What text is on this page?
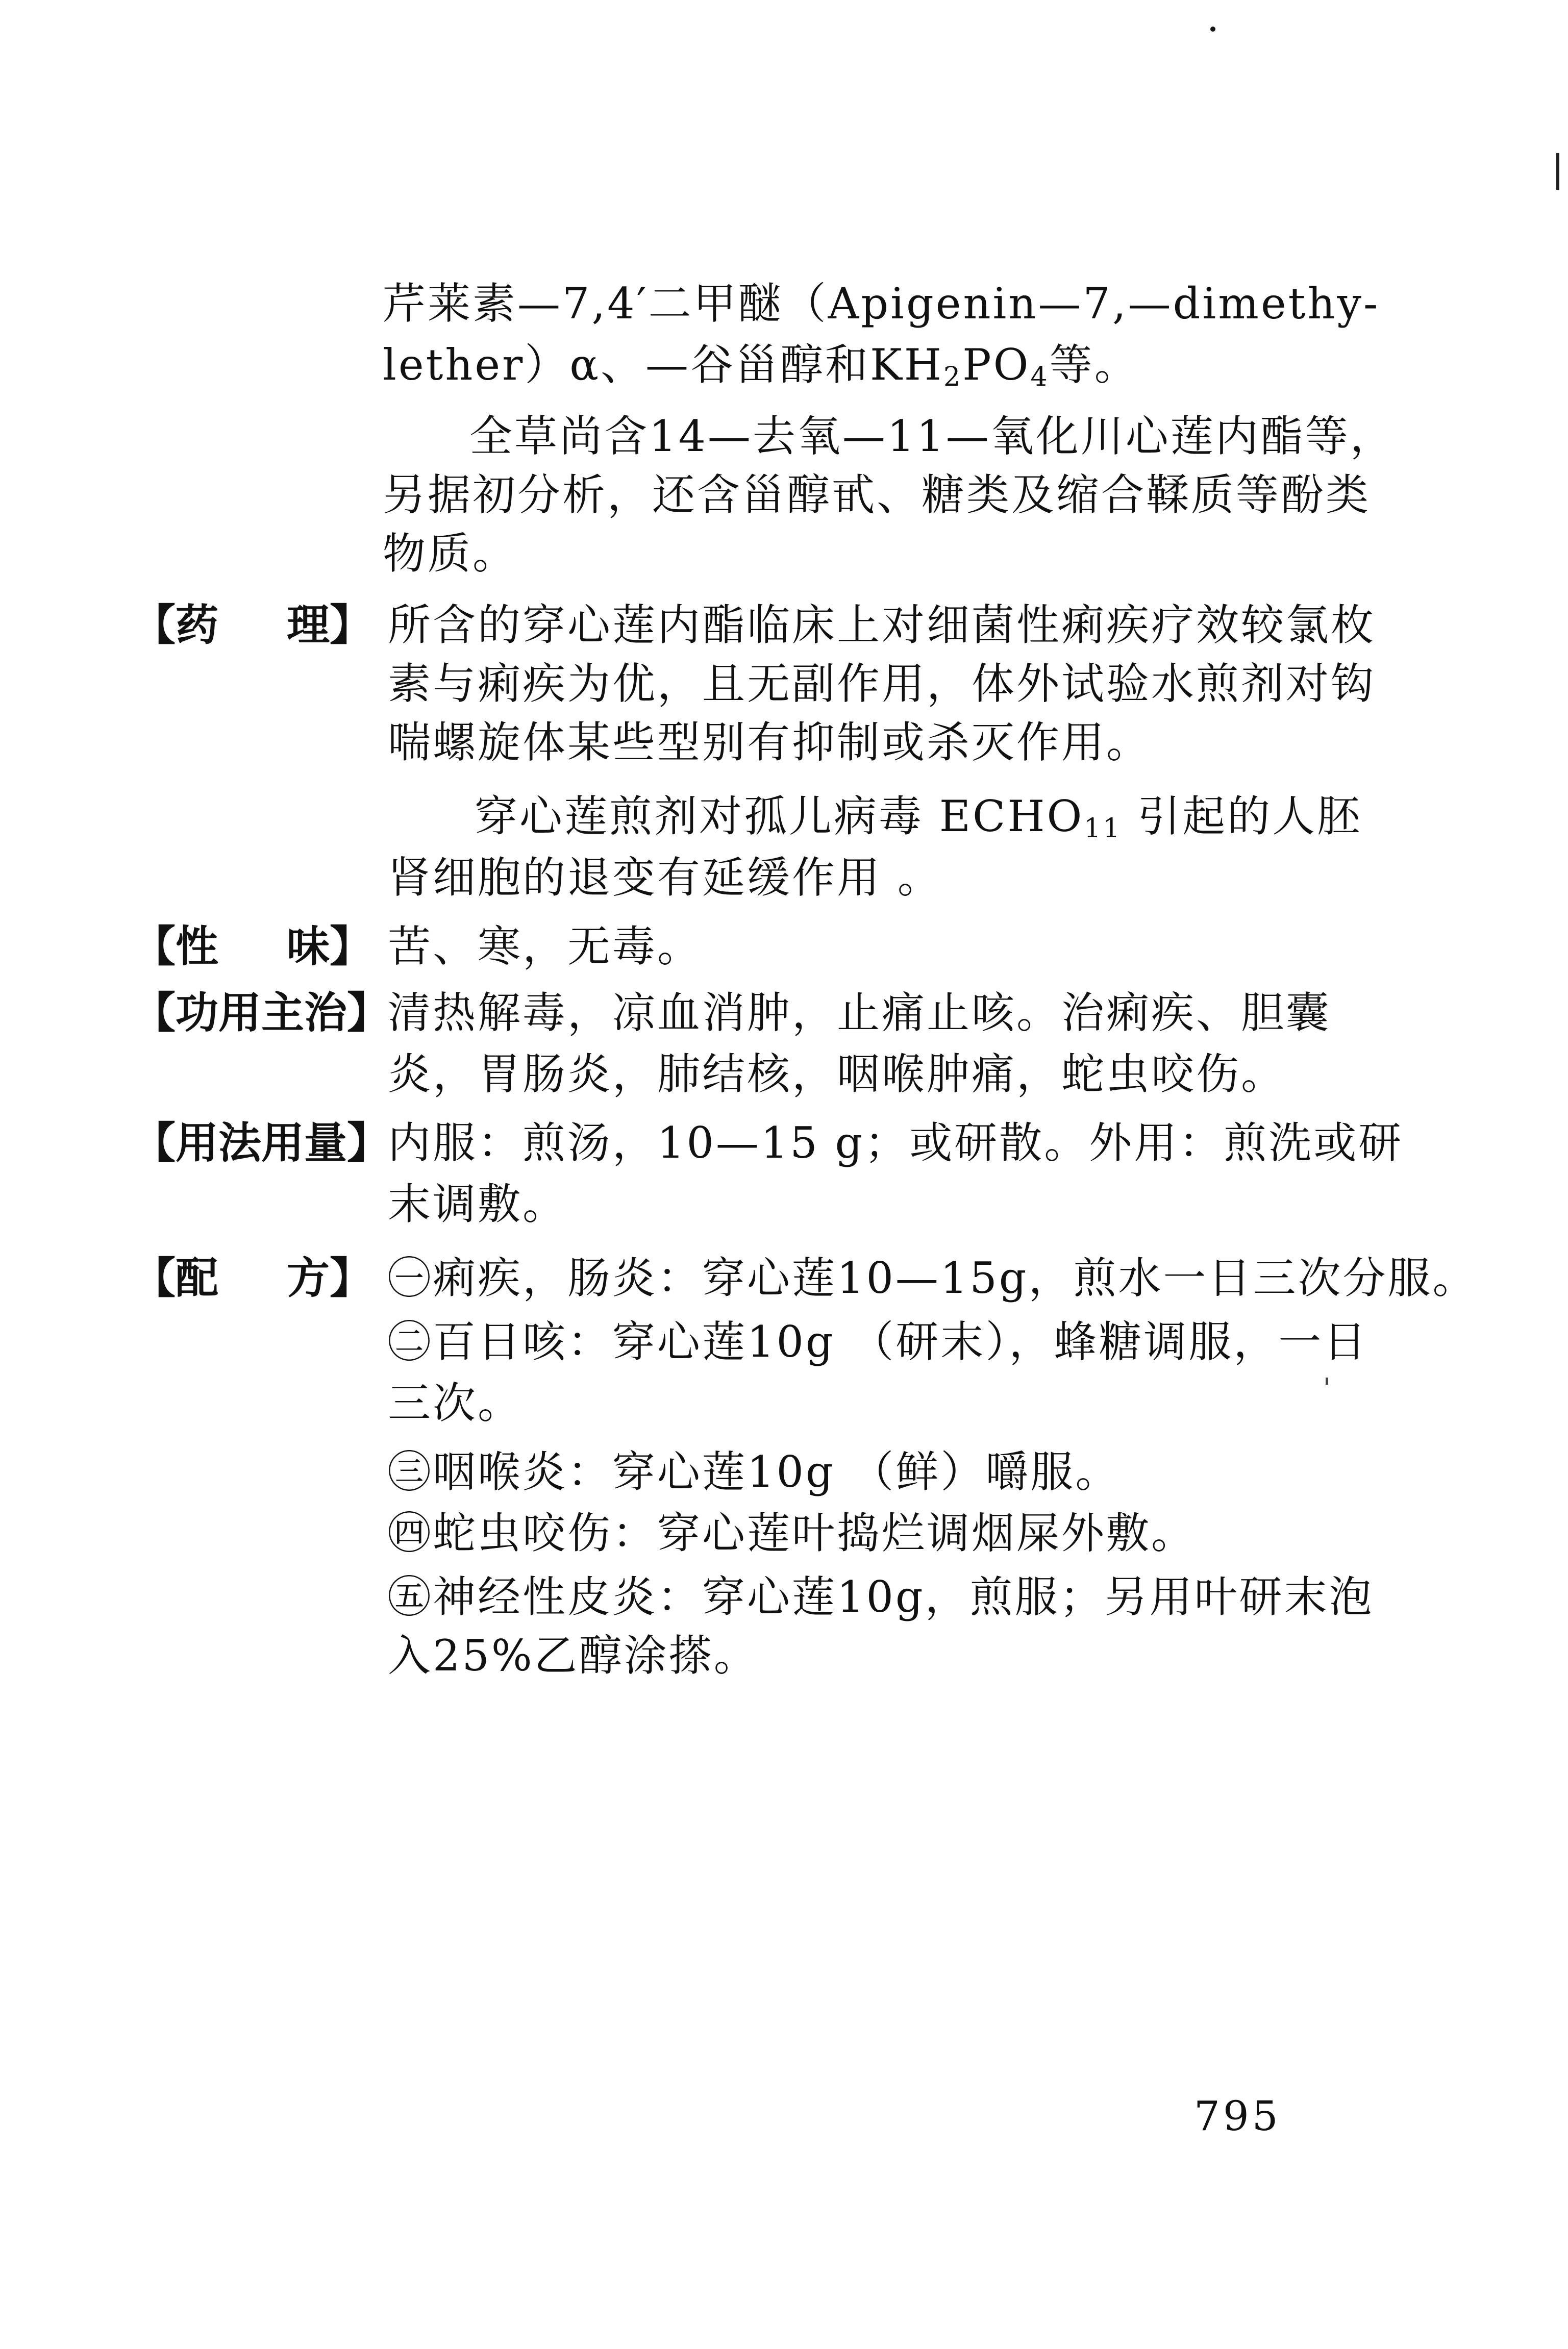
芹莱素—7,4′二甲醚（Apigenin—7,—dimethy-
lether）α、—谷甾醇和$KH_2PO_4$等。
全草尚含14—去氧—11—氧化川心莲内酯等，
另据初分析，还含甾醇甙、糖类及缩合鞣质等酚类
物质。
【药 理】 所含的穿心莲内酯临床上对细菌性痢疾疗效较氯枚
素与痢疾为优，且无副作用，体外试验水煎剂对钩
喘螺旋体某些型别有抑制或杀灭作用。
穿心莲煎剂对孤儿病毒 $ECHO_{11}$ 引起的人胚
肾细胞的退变有延缓作用 。
【性 味】 苦、寒，无毒。
【功用主治 】
清热解毒，凉血消肿，止痛止咳。治痢疾、胆囊
炎，胃肠炎，肺结核，咽喉肿痛，蛇虫咬伤。
【用法用量 】
内服：煎汤，10—15 g；或研散。外用：煎洗或研
末调敷。
【配 方】 ㊀痢疾，肠炎：穿心莲10—15g，煎水一日三次分服。
㊁百日咳：穿心莲10g （研末），蜂糖调服，一日
三次。
㊂咽喉炎：穿心莲10g （鲜）嚼服。
㊃蛇虫咬伤：穿心莲叶捣烂调烟屎外敷。
㊄神经性皮炎：穿心莲10g，煎服；另用叶研末泡
入25%乙醇涂搽。
795
